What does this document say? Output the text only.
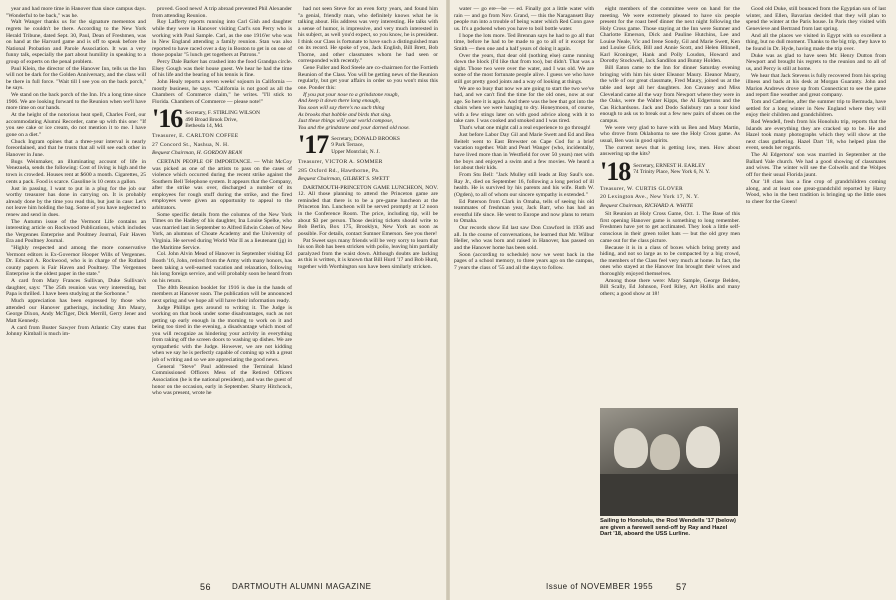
year and had more time in Hanover than since campus days. "Wonderful to be back," was he.

Walt Wanger thanks us for the signature mementos and regrets he couldn't be there. According to the New York Herald Tribune, dated Sept. 30, Paul, Dean of Freshmen, was on hand at the Harvard game and is off to speak before the National Probation and Parole Association. It was a very funny talk, especially the part about humility in speaking to a group of experts on the penal problem.

Paul Klein, the director of the Hanover Inn, tells us the Inn will not be dark for the Golden Anniversary, and the class will be there in full force. "Wait till I see you on the back porch," he says.

We stand on the back porch of the Inn. It's a long time since 1906. We are looking forward to the Reunion when we'll have more time on our hands.

At the height of the notorious heat spell, Charles Ford, our accommodating Alumni Recorder, came up with this one: "If you see cake or ice cream, do not mention it to me. I have gone on a diet."

Chuck Ingram opines that a three-year interval is nearly foreordained, and that he trusts that all will see each other in Hanover in June.

Bugs Weinmaker, an illuminating account of life in Venezuela, sends the following: Cost of living is high and the town is crowded. Houses rent at $600 a month. Cigarettes, 25 cents a pack. Food is scarce. Gasoline is 10 cents a gallon.

Just in passing, I want to put in a plug for the job our worthy treasurer has done in carrying on. It is probably already done by the time you read this, but just in case: Let's not leave him holding the bag. Some of you have neglected to renew and send in dues.

The Autumn issue of the Vermont Life contains an interesting article on Rockwood Publications, which includes the Vergennes Enterprise and Poultney Journal, Fair Haven Era and Poultney Journal.

"Highly respected and among the more conservative Vermont editors is Ex-Governor Hooper Wills of Vergennes. Dr. Edward A. Rockwood, who is in charge of the Rutland county papers is Fair Haven and Poultney. The Vergennes Enterprise is the oldest paper in the state."

A card from Mary Frances Sullivan, Duke Sullivan's daughter, says: "The 25th reunion was very interesting, but Papa is thrilled. I have been studying at the Sorbonne."

Much appreciation has been expressed by those who attended our Hanover gatherings, including Jim Maury, George Dixon, Andy McTiger, Dick Merrill, Gerry Jener and Matt Kennedy.

A card from Buster Sawyer from Atlantic City states that Johnny Kimball is much im-

proved. Good news! A trip abroad prevented Phil Alexander from attending Reunion.

Roy Lafferty reports running into Carl Gish and daughter while they were in Hanover visiting Carl's son Perry who is working with Paul Sample. Carl, as the one 1916'er who was in New England attending a family reunion. Stan was also reported to have raced over a day in Boston to get in on one of those popular "5 lunch get togethers at Patrons."

Percy Dale Barker has crashed into the food Grandpa circle. Elsey Gough was their house guest. We hear he had the time of his life and the bearing of his tennis is fine.

John Healy reports a seven weeks' sojourn in California — mostly business, he says. "California is not good as all the Chambers of Commerce claim," he writes. "I'll stick to Florida. Chambers of Commerce — please note!"

'16 Secretary, F. STIRLING WILSON
490 Broad Brook Drive,
Bethesda 14, Md.
Treasurer, E. CARLTON COFFEE
27 Concord St., Nashua, N. H.
Bequest Chairman, H. GORDON BEAN

CERTAIN PEOPLE OF IMPORTANCE. — Whit McCoy was picked as one of the artists to pass on the cases of violence which occurred during the recent strike against the Southern Bell Telephone system. It appears that the Company, after the strike was over, discharged a number of its employees for rough stuff during the strike, and the fired employees were given an opportunity to appeal to the arbitrators.

Some specific details from the columns of the New York Times on the Hadley of his daughter, Ina Louise Spelke, who was married last in September to Alfred Edwin Cohen of New York, an alumnus of Choate Academy and the University of Virginia. He served during World War II as a lieutenant (jg) in the Maritime Service.

Col. John Alvin Mead of Hanover in September visiting Ed Booth '16, John, retired from the Army with many honors, has been taking a well-earned vacation and relaxation, following his long foreign service, and will probably soon be heard from on his return.

The 40th Reunion booklet for 1916 is due in the hands of members at Hanover soon. The publication will be announced next spring and we hope all will have their information ready.

Judge Phillips gets around to writing it. The Judge is working on that book under some disadvantages, such as not getting up early enough in the morning to work on it and being too tired in the evening, a disadvantage which most of you will recognize as hindering your activity in everything from raking off the screen doors to washing up dishes. We are sympathetic with the Judge. However, we are not kidding when we say he is perfectly capable of coming up with a great job of writing and so we are appreciating the good news.

General "Steve" Paul addressed the Terminal Island Commissioned Officers Mess of the Retired Officers Association (he is the national president), and was the guest of honor on the occasion, early in September. Sharry Hitchcock, who was present, wrote he

had not seen Steve for an even forty years, and found him "a genial, friendly man, who definitely knows what he is talking about. His address was very interesting. He talks with a sense of humor, is impressive, and very much interested in his subject, as well you'd expect, so you know, he is president. I think our Class is fortunate to have such a distinguished man on its record. He spoke of you, Jack English, Bill Brett, Bob Thorne, and other classmates whom he had seen or corresponded with recently."

Gene Fuller and Rod Steele are co-chairmen for the Fortieth Reunion of the Class. You will be getting news of the Reunion regularly, but get your affairs in order so you won't miss this one. Ponder this:

If you put your nose to a grindstone rough,
And keep it down there long enough,
You soon will say there's no such thing
As brooks that babble and birds that sing.
Just these things will your world compose,
You and the grindstone and your darned old nose.

'17 Secretary, DONALD BROOKS
9 Park Terrace,
Upper Montclair, N. J.
Treasurer, VICTOR A. SOMMER
285 Oxford Rd., Hawthorne, Pa.
Bequest Chairman, GILBERT S. SWETT

DARTMOUTH-PRINCETON GAME LUNCHEON, NOV. 12. All those planning to attend the Princeton game are reminded that there is to be a pre-game luncheon at the Princeton Inn. Luncheon will be served promptly at 12 noon in the Conference Room. The price, including tip, will be about $3 per person. Those desiring tickets should write to Bob Berlin, Box 175, Brooklyn, New York as soon as possible. For details, contact Sumner Emerson. See you there!

Pat Sweet says many friends will be very sorry to learn that his son Bob has been stricken with polio, leaving him partially paralyzed from the waist down. Although doubts are lacking as this is written, it is known that Bill Hurd '17 and Bob Hurd, together with Worthington son have been similarly stricken.

56	DARTMOUTH ALUMNI MAGAZINE

water — go ere—be — ed. Finally got a little water with rain — and go from Nov. Grand, — this the Naragansett Bay people run into a trouble of being water which Red Conn gave us. It's a godsend when you have to boil bottle water.

I hope the lots more. Ted Brennan says he had to go all that time, before he had to be made to go to all of it except for Smith — then one and a half years of doing it again.

Over the years, that dear old (nothing else) came running down the block (I'd like that from too), but didn't. That was a sight. Those two were over the water, and I was old. We are some of the most fortunate people alive. I guess we who have still got pretty good joints and a way of looking at things.

We are so busy that now we are going to start the two we've had, and we can't find the time for the old ones, now at our age. So here it is again. And there was the bee that got into the chairs when we were hanging to dry. Honeymoon, of course, with a few stings later on with good advice along with it to take care. I was cooked and smoked and I was tired.

That's what one might call a real experience to go through!

Just before Labor Day Gil and Marie Swett and Ed and Bea Beitelt went to East Brewster on Cape Cod for a brief vacation together. Walt and Pearl Wanger (who, incidentally, have lived more than in Westfield for over 50 years) met with the boys and enjoyed a swim and a few movies. We heard a lot about their kids.

From Stu Bell: "Jack Mulley still leads at Bay Saul's son. Ray Jr., died on September 16, following a long period of ill health. He is survived by his parents and his wife. Ruth W. (Ogden), to all of whom our sincere sympathy is extended."

Ed Paterson from Clark in Omaha, tells of seeing his old teammates of freshman year, Jack Barr, who has had an eventful life since. He went to Europe and now plans to return to Omaha.

Our records show Ed last saw Don Crawford in 1936 and all. In the course of conversations, he learned that Mr. Wilbur Heller, who was born and raised in Hanover, has passed on and the Hanover home has been sold.

Soon (according to schedule) now we went back in the pages of a school memory, to three years ago on the campus, 7 years the class of '55 and all the days to follow.

eight members of the committee were on hand for the meeting. We were extremely pleased to have six people present for the roast beef dinner the next night following the Holy Cross game. Those staying at the Inn were Sumner and Charlotte Emerson, Dick and Pauline Hutchins, Lee and Louise Neale, Vic and Irene Sondy, Gil and Marie Swett, Ken and Louise Glick, Bill and Annie Scott, and Helen Blinnell, Karl Kroninger, Hank and Polly Loudon, Howard and Dorothy Stockwell, Jack Sandilon and Bunny Holden.

Bill Eaton came to the Inn for dinner Saturday evening bringing with him his sister Eleanor Maury. Eleanor Maury, the wife of our great classmate, Fred Maury, joined us at the table and kept all her daughters. Jon Cavaney and Miss Cleveland came all the way from Newport where they were in the Oaks, were the Walter Kipps, the Al Edgertons and the Cas Richardsons. Jack and Dodo Salisbury ran a tour kind enough to ask us to break out a few new pairs of shoes on the campus.

We were very glad to have with us Ben and Mary Martin, who drove from Oklahoma to see the Holy Cross game. As usual, Ben was in good spirits.

The current news that is getting low, men. How about answering up the kits?

'18 Secretary, ERNEST H. EARLEY
74 Trinity Place, New York 6, N. Y.
Treasurer, W. CURTIS GLOVER
20 Lexington Ave., New York 17, N. Y.
Bequest Chairman, RICHARD A. WHITE

Sit Reunion at Holy Cross Game, Oct. 1. The Base of this first opening Hanover game is something to long remember. Freshmen have yet to get acclimated. They look a little self-conscious in their green toilet hats — but the old grey men came out for the class picture.

Because it is in a class of boxes which bring pretty and hiding, and not so large as to be compacted by a big crowd, the members of the Class feel very much at home. In fact, the ones who stayed at the Hanover Inn brought their wives and thoroughly enjoyed themselves.

Among those there were: Mary Sample, George Belden, Bill Scally, Ed Johnson, Ford Riley, Art Hollis and many others; a good show at 18!

Sailing to Honolulu, the Rod Wendells '17 (below) are given a farewell send-off by Ray and Hazel Dart '18, aboard the USS Lurline.

Good old Duke, still bounced from the Egyptian son of last winter, and Ellen, Bavarian decided that they will plan to spend the winter at the Paris house. In Paris they visited with Genevieve and Bertrand from last spring.

And all the places we visited in Egypt with so excellent a thing, but no dull moment. Thanks to the big trip, they have to be found in Dr. Hyde, having made the trip over.

Duke was as glad to have seen Mr. Henry Dutton from Newport and brought his regrets to the reunion and to all of us, and Percy is still at home.

We hear that Jack Stevens is fully recovered from his spring illness and back at his desk at Morgan Guaranty. John and Marion Andrews drove up from Connecticut to see the game and report fine weather and great company.

Tom and Catherine, after the summer trip to Bermuda, have settled for a long winter in New England where they will enjoy their children and grandchildren.

Rod Wendell, fresh from his Honolulu trip, reports that the Islands are everything they are cracked up to be. He and Hazel took many photographs which they will show at the next class gathering. Hazel Dart '18, who helped plan the event, sends her regards.

The Al Edgertons' son was married in September at the Ballard Vale church. We had a good showing of classmates and wives. The winter will see the Colwells and the Wolpes off for their usual Florida jaunt.

Our '18 class has a fine crop of grandchildren coming along, and at least one great-grandchild reported by Harry Wood, who in the best tradition is bringing up the little ones to cheer for the Green!

Issue of NOVEMBER 1955	57
